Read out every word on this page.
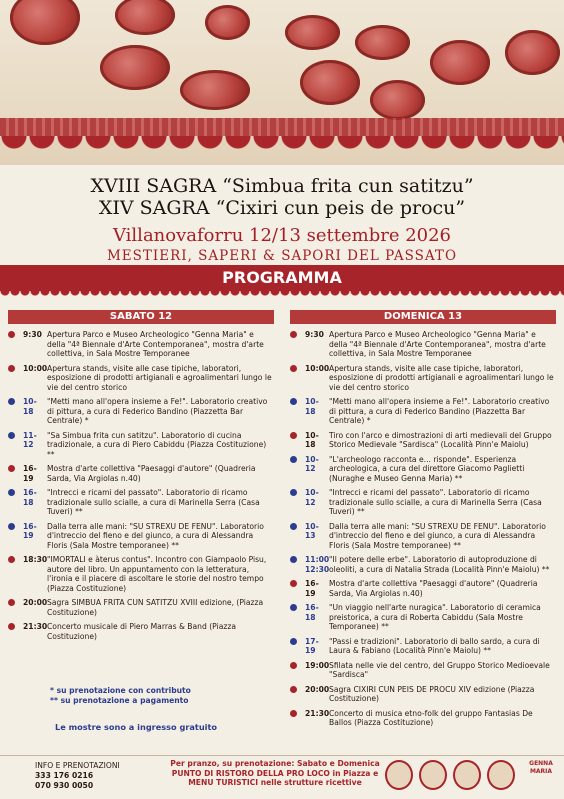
XVIII SAGRA “Simbua frita cun satitzu”
XIV SAGRA “Cixiri cun peis de procu”
Villanovaforru 12/13 settembre 2026
MESTIERI, SAPERI & SAPORI DEL PASSATO
PROGRAMMA
SABATO 12
9:30 Apertura Parco e Museo Archeologico "Genna Maria" e della "4ª Biennale d'Arte Contemporanea", mostra d'arte collettiva, in Sala Mostre Temporanee
10:00 Apertura stands, visite alle case tipiche, laboratori, esposizione di prodotti artigianali e agroalimentari lungo le vie del centro storico
10-18
"Metti mano all'opera insieme a Fe!". Laboratorio creativo di pittura, a cura di Federico Bandino (Piazzetta Bar Centrale) *
11-12
"Sa Simbua frita cun satitzu". Laboratorio di cucina tradizionale, a cura di Piero Cabiddu (Piazza Costituzione) **
16-19
Mostra d'arte collettiva "Paesaggi d'autore" (Quadreria Sarda, Via Argiolas n.40)
16-18
"Intrecci e ricami del passato". Laboratorio di ricamo tradizionale sullo scialle, a cura di Marinella Serra (Casa Tuveri) **
16-19
Dalla terra alle mani: "SU STREXU DE FENU". Laboratorio d'intreccio del fieno e del giunco, a cura di Alessandra Floris (Sala Mostre temporanee) **
18:30 "IMORTALI e àterus contus". Incontro con Giampaolo Pisu, autore del libro. Un appuntamento con la letteratura, l'ironia e il piacere di ascoltare le storie del nostro tempo (Piazza Costituzione)
20:00 Sagra SIMBUA FRITA CUN SATITZU XVIII edizione, (Piazza Costituzione)
21:30 Concerto musicale di Piero Marras & Band (Piazza Costituzione)
DOMENICA 13
9:30 Apertura Parco e Museo Archeologico "Genna Maria" e della "4ª Biennale d'Arte Contemporanea", mostra d'arte collettiva, in Sala Mostre Temporanee
10:00 Apertura stands, visite alle case tipiche, laboratori, esposizione di prodotti artigianali e agroalimentari lungo le vie del centro storico
10-18
"Metti mano all'opera insieme a Fe!". Laboratorio creativo di pittura, a cura di Federico Bandino (Piazzetta Bar Centrale) *
10-18
Tiro con l'arco e dimostrazioni di arti medievali del Gruppo Storico Medievale "Sardisca" (Località Pinn'e Maiolu)
10-12
"L'archeologo racconta e... risponde". Esperienza archeologica, a cura del direttore Giacomo Paglietti (Nuraghe e Museo Genna Maria) **
10-12
"Intrecci e ricami del passato". Laboratorio di ricamo tradizionale sullo scialle, a cura di Marinella Serra (Casa Tuveri) **
10-13
Dalla terra alle mani: "SU STREXU DE FENU". Laboratorio d'intreccio del fieno e del giunco, a cura di Alessandra Floris (Sala Mostre temporanee) **
11:00 12:30
"Il potere delle erbe". Laboratorio di autoproduzione di oleoliti, a cura di Natalia Strada (Località Pinn'e Maiolu) **
16-19
Mostra d'arte collettiva "Paesaggi d'autore" (Quadreria Sarda, Via Argiolas n.40)
16-18
"Un viaggio nell'arte nuragica". Laboratorio di ceramica preistorica, a cura di Roberta Cabiddu (Sala Mostre Temporanee) **
17-19
"Passi e tradizioni". Laboratorio di ballo sardo, a cura di Laura & Fabiano (Località Pinn'e Maiolu) **
19:00 Sfilata nelle vie del centro, del Gruppo Storico Medioevale "Sardisca"
20:00 Sagra CIXIRI CUN PEIS DE PROCU XIV edizione (Piazza Costituzione)
21:30 Concerto di musica etno-folk del gruppo Fantasias De Ballos (Piazza Costituzione)
* su prenotazione con contributo
** su prenotazione a pagamento
Le mostre sono a ingresso gratuito
INFO E PRENOTAZIONI
333 176 0216
070 930 0050
Per pranzo, su prenotazione: Sabato e Domenica
PUNTO DI RISTORO DELLA PRO LOCO in Piazza e
MENU TURISTICI nelle strutture ricettive
GENNA MARIA
